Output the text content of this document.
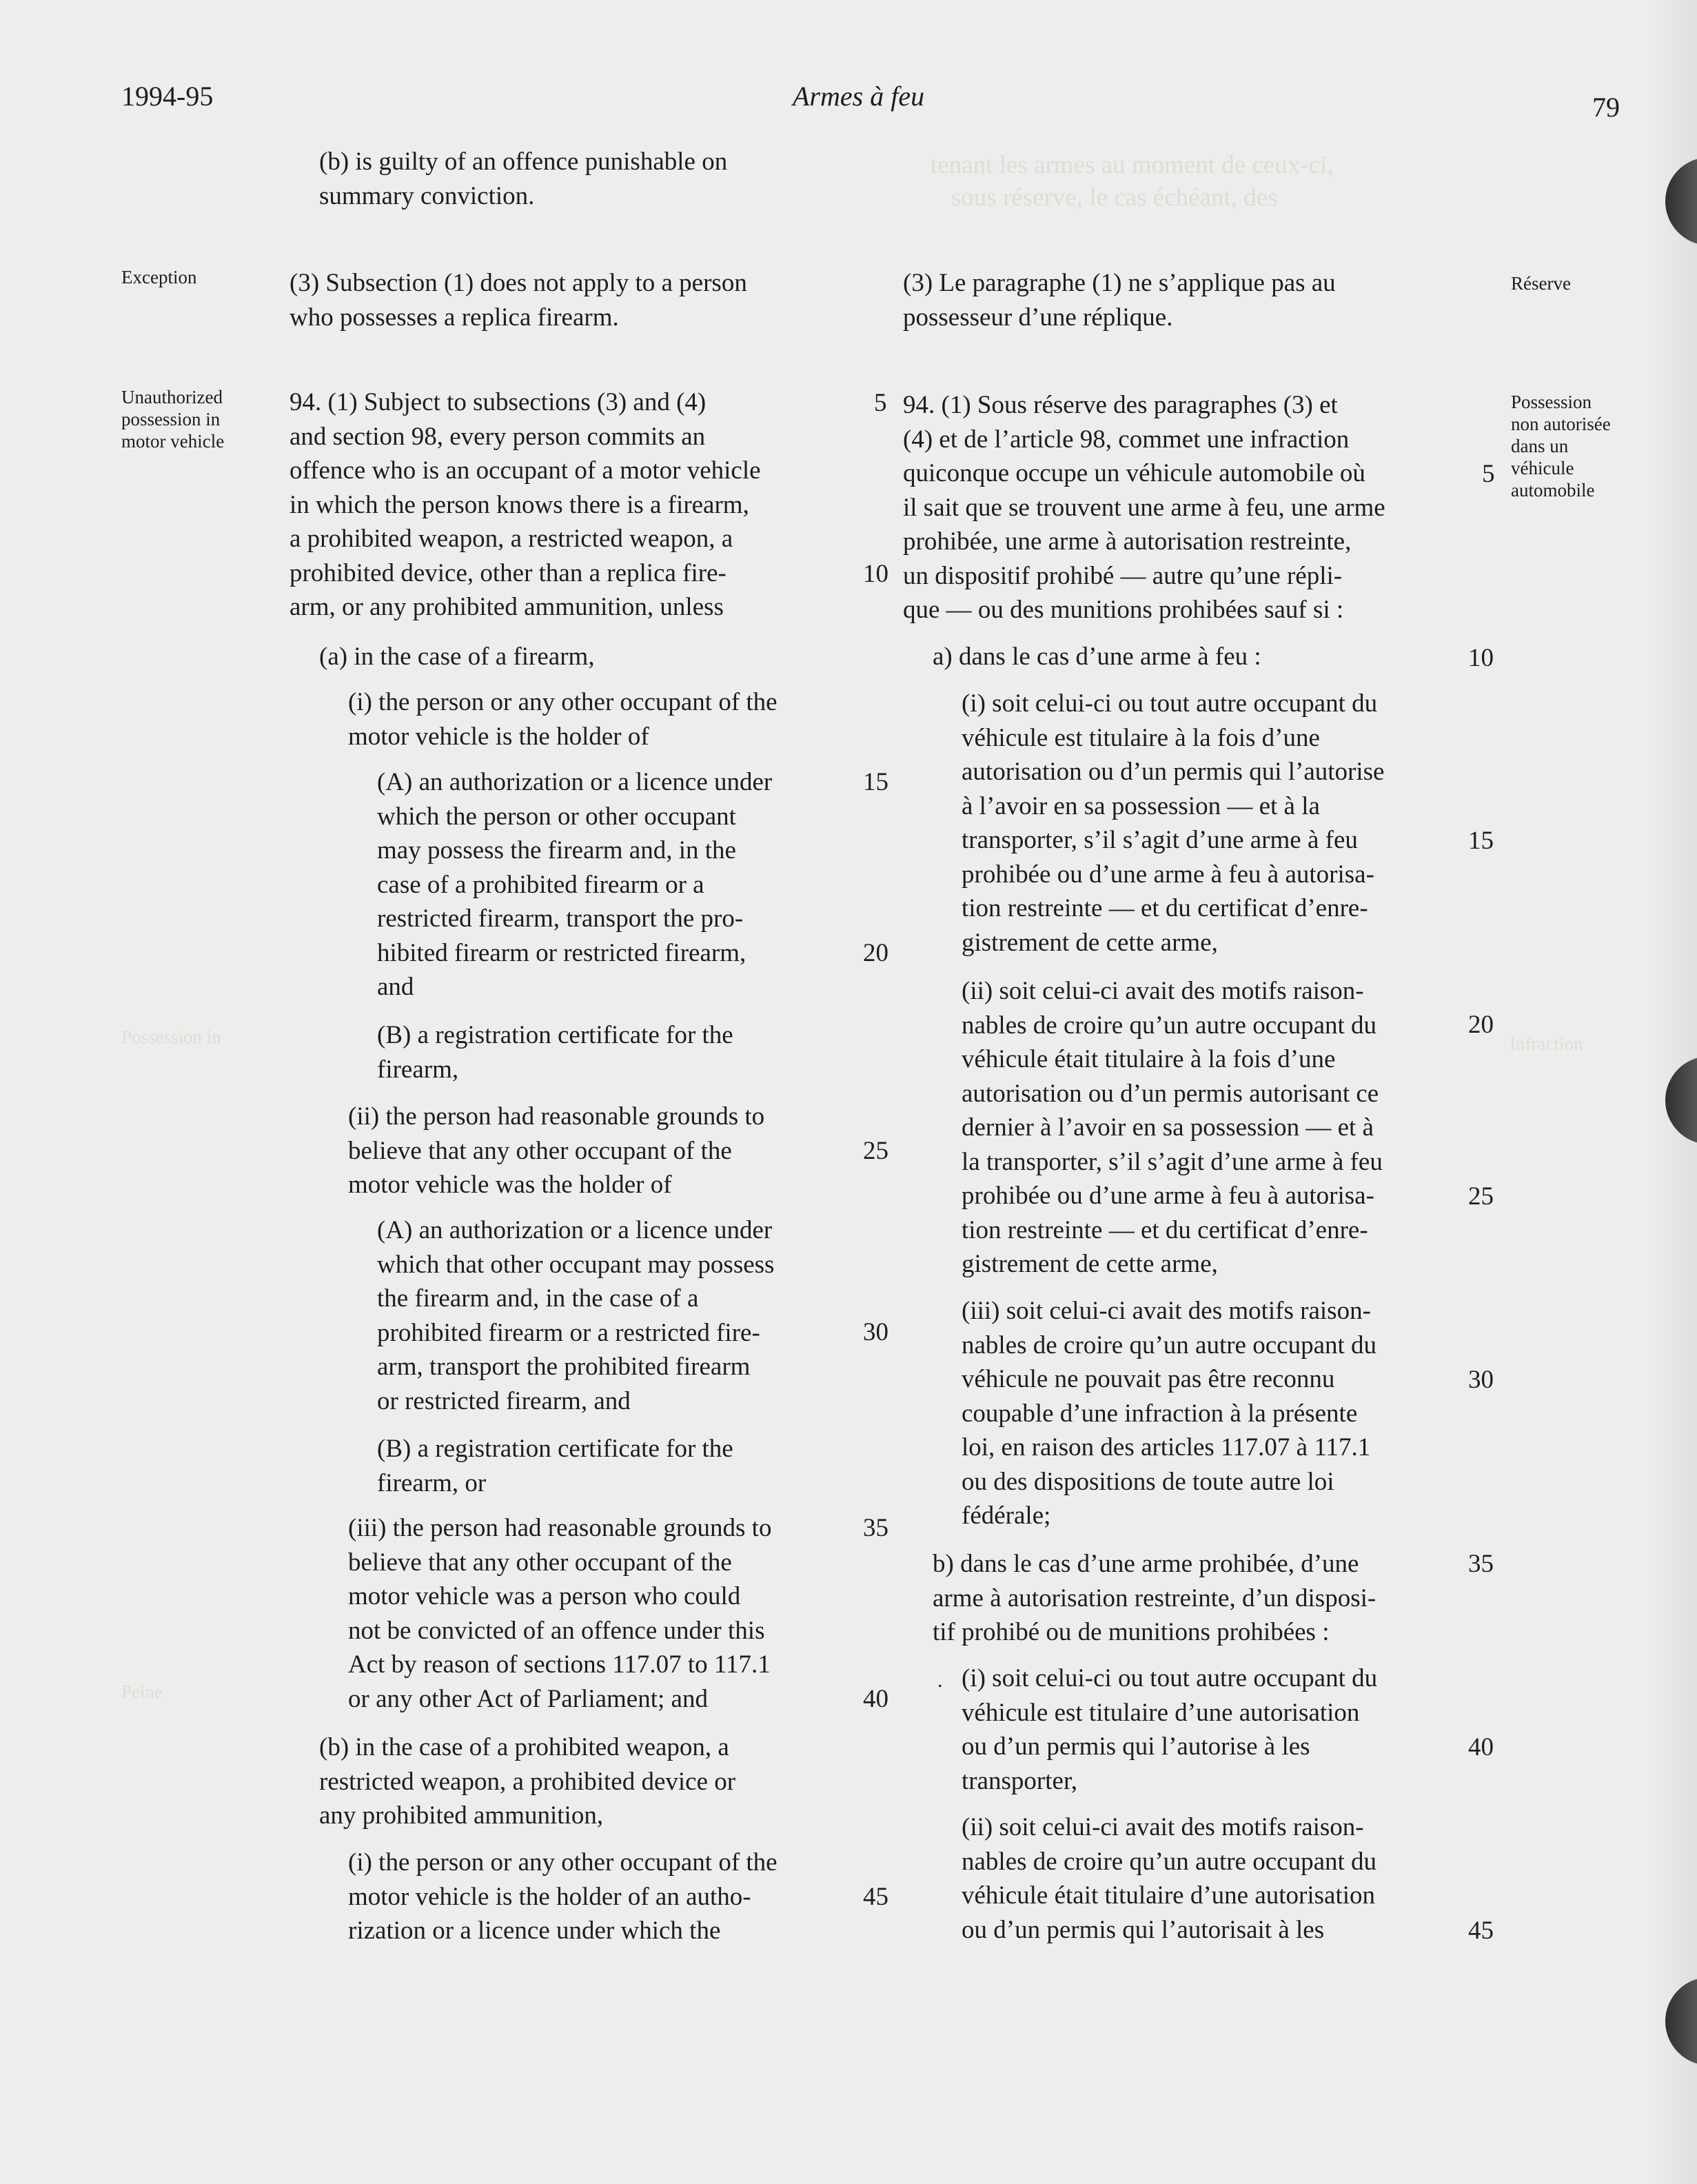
tenant les armes au moment de ceux-ci,
sous réserve, le cas échéant, des
Possession in	Infraction
Peine
1994-95	Armes à feu	79
Exception	Réserve
Unauthorized
possession in
motor vehicle
Possession
non autorisée
dans un
véhicule
automobile

(b) is guilty of an offence punishable on

summary conviction.

(3) Subsection (1) does not apply to a person

who possesses a replica firearm.

94. (1) Subject to subsections (3) and (4)

and section 98, every person commits an

offence who is an occupant of a motor vehicle

in which the person knows there is a firearm,

a prohibited weapon, a restricted weapon, a

prohibited device, other than a replica fire-

arm, or any prohibited ammunition, unless

(a) in the case of a firearm,

(i) the person or any other occupant of the

motor vehicle is the holder of

(A) an authorization or a licence under

which the person or other occupant

may possess the firearm and, in the

case of a prohibited firearm or a

restricted firearm, transport the pro-

hibited firearm or restricted firearm,

and

(B) a registration certificate for the

firearm,

(ii) the person had reasonable grounds to

believe that any other occupant of the

motor vehicle was the holder of

(A) an authorization or a licence under

which that other occupant may possess

the firearm and, in the case of a

prohibited firearm or a restricted fire-

arm, transport the prohibited firearm

or restricted firearm, and

(B) a registration certificate for the

firearm, or

(iii) the person had reasonable grounds to

believe that any other occupant of the

motor vehicle was a person who could

not be convicted of an offence under this

Act by reason of sections 117.07 to 117.1

or any other Act of Parliament; and

(b) in the case of a prohibited weapon, a

restricted weapon, a prohibited device or

any prohibited ammunition,

(i) the person or any other occupant of the

motor vehicle is the holder of an autho-

rization or a licence under which the

5
10
15
20
25
30
35
40
45

(3) Le paragraphe (1) ne s’applique pas au

possesseur d’une réplique.

94. (1) Sous réserve des paragraphes (3) et

(4) et de l’article 98, commet une infraction

quiconque occupe un véhicule automobile où

il sait que se trouvent une arme à feu, une arme

prohibée, une arme à autorisation restreinte,

un dispositif prohibé — autre qu’une répli-

que — ou des munitions prohibées sauf si :

a) dans le cas d’une arme à feu :

(i) soit celui-ci ou tout autre occupant du

véhicule est titulaire à la fois d’une

autorisation ou d’un permis qui l’autorise

à l’avoir en sa possession — et à la

transporter, s’il s’agit d’une arme à feu

prohibée ou d’une arme à feu à autorisa-

tion restreinte — et du certificat d’enre-

gistrement de cette arme,

(ii) soit celui-ci avait des motifs raison-

nables de croire qu’un autre occupant du

véhicule était titulaire à la fois d’une

autorisation ou d’un permis autorisant ce

dernier à l’avoir en sa possession — et à

la transporter, s’il s’agit d’une arme à feu

prohibée ou d’une arme à feu à autorisa-

tion restreinte — et du certificat d’enre-

gistrement de cette arme,

(iii) soit celui-ci avait des motifs raison-

nables de croire qu’un autre occupant du

véhicule ne pouvait pas être reconnu

coupable d’une infraction à la présente

loi, en raison des articles 117.07 à 117.1

ou des dispositions de toute autre loi

fédérale;

b) dans le cas d’une arme prohibée, d’une

arme à autorisation restreinte, d’un disposi-

tif prohibé ou de munitions prohibées :

. (i) soit celui-ci ou tout autre occupant du

véhicule est titulaire d’une autorisation

ou d’un permis qui l’autorise à les

transporter,

(ii) soit celui-ci avait des motifs raison-

nables de croire qu’un autre occupant du

véhicule était titulaire d’une autorisation

ou d’un permis qui l’autorisait à les

5
10
15
20
25
30
35
40
45
